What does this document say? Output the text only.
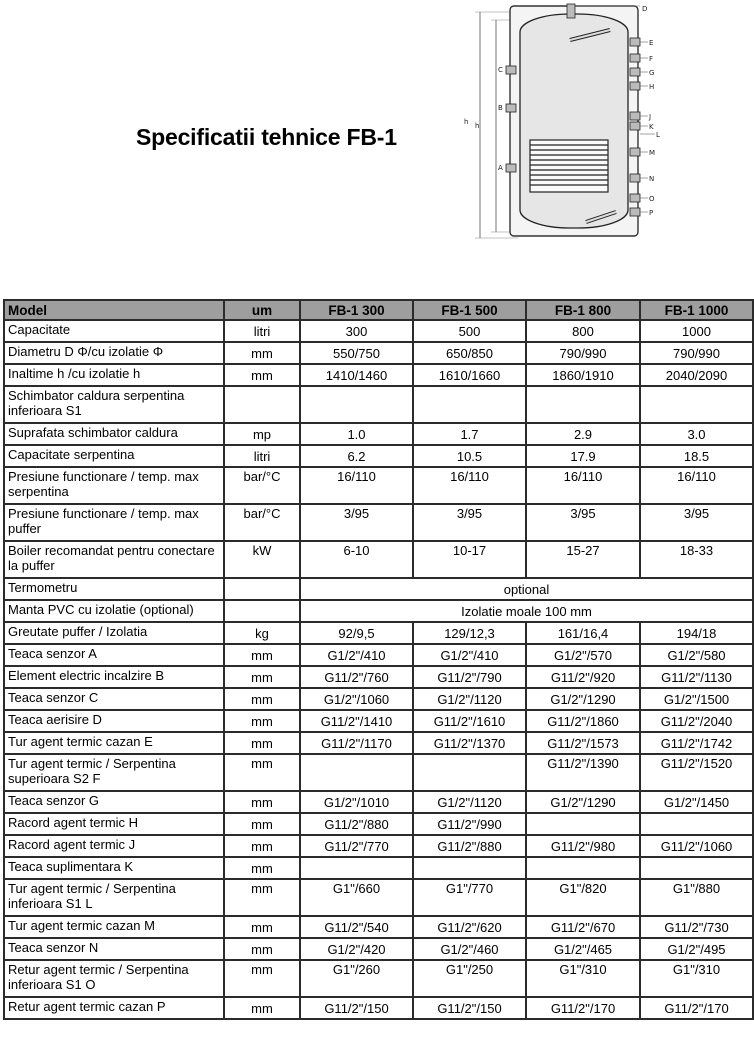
Specificatii tehnice FB-1
D
E
F
G
H
J
K
L
M
N
O
P
C
B
A
h h
Model	um	FB-1 300	FB-1 500	FB-1 800	FB-1 1000
Capacitate	litri	300	500	800	1000
Diametru D Φ/cu izolatie Φ	mm	550/750	650/850	790/990	790/990
Inaltime h /cu izolatie h	mm	1410/1460	1610/1660	1860/1910	2040/2090
Schimbator caldura serpentina inferioara S1					
Suprafata schimbator caldura	mp	1.0	1.7	2.9	3.0
Capacitate serpentina	litri	6.2	10.5	17.9	18.5
Presiune functionare / temp. max serpentina	bar/°C	16/110	16/110	16/110	16/110
Presiune functionare / temp. max puffer	bar/°C	3/95	3/95	3/95	3/95
Boiler recomandat pentru conectare la puffer	kW	6-10	10-17	15-27	18-33
Termometru		optional			
Manta PVC cu izolatie (optional)		Izolatie moale 100 mm			
Greutate puffer / Izolatia	kg	92/9,5	129/12,3	161/16,4	194/18
Teaca senzor A	mm	G1/2"/410	G1/2"/410	G1/2"/570	G1/2"/580
Element electric incalzire B	mm	G11/2"/760	G11/2"/790	G11/2"/920	G11/2"/1130
Teaca senzor C	mm	G1/2"/1060	G1/2"/1120	G1/2"/1290	G1/2"/1500
Teaca aerisire D	mm	G11/2"/1410	G11/2"/1610	G11/2"/1860	G11/2"/2040
Tur agent termic cazan E	mm	G11/2"/1170	G11/2"/1370	G11/2"/1573	G11/2"/1742
Tur agent termic / Serpentina superioara S2 F	mm			G11/2"/1390	G11/2"/1520
Teaca senzor G	mm	G1/2"/1010	G1/2"/1120	G1/2"/1290	G1/2"/1450
Racord agent termic H	mm	G11/2"/880	G11/2"/990		
Racord agent termic J	mm	G11/2"/770	G11/2"/880	G11/2"/980	G11/2"/1060
Teaca suplimentara K	mm				
Tur agent termic / Serpentina inferioara S1 L	mm	G1"/660	G1"/770	G1"/820	G1"/880
Tur agent termic cazan M	mm	G11/2"/540	G11/2"/620	G11/2"/670	G11/2"/730
Teaca senzor N	mm	G1/2"/420	G1/2"/460	G1/2"/465	G1/2"/495
Retur agent termic / Serpentina inferioara S1 O	mm	G1"/260	G1"/250	G1"/310	G1"/310
Retur agent termic cazan P	mm	G11/2"/150	G11/2"/150	G11/2"/170	G11/2"/170
